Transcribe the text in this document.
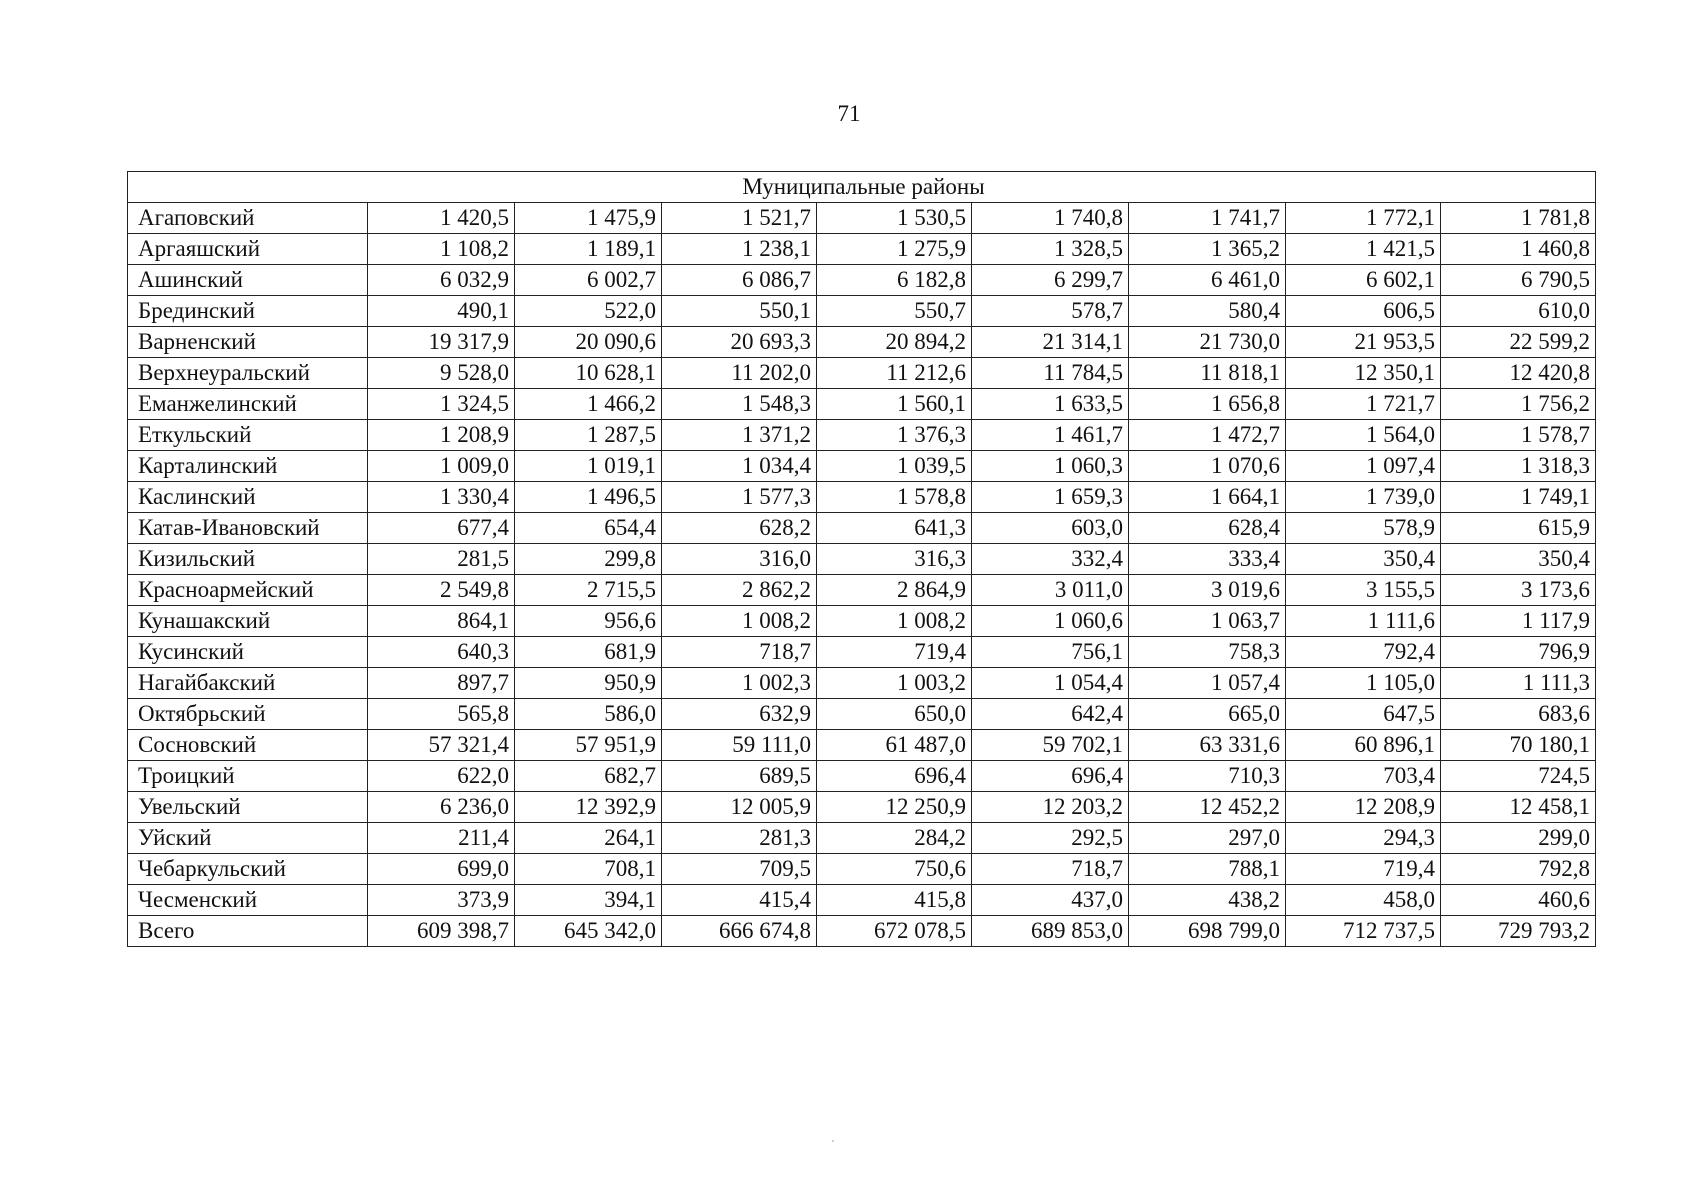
71
Муниципальные районы								
Агаповский	1 420,5	1 475,9	1 521,7	1 530,5	1 740,8	1 741,7	1 772,1	1 781,8
Аргаяшский	1 108,2	1 189,1	1 238,1	1 275,9	1 328,5	1 365,2	1 421,5	1 460,8
Ашинский	6 032,9	6 002,7	6 086,7	6 182,8	6 299,7	6 461,0	6 602,1	6 790,5
Брединский	490,1	522,0	550,1	550,7	578,7	580,4	606,5	610,0
Варненский	19 317,9	20 090,6	20 693,3	20 894,2	21 314,1	21 730,0	21 953,5	22 599,2
Верхнеуральский	9 528,0	10 628,1	11 202,0	11 212,6	11 784,5	11 818,1	12 350,1	12 420,8
Еманжелинский	1 324,5	1 466,2	1 548,3	1 560,1	1 633,5	1 656,8	1 721,7	1 756,2
Еткульский	1 208,9	1 287,5	1 371,2	1 376,3	1 461,7	1 472,7	1 564,0	1 578,7
Карталинский	1 009,0	1 019,1	1 034,4	1 039,5	1 060,3	1 070,6	1 097,4	1 318,3
Каслинский	1 330,4	1 496,5	1 577,3	1 578,8	1 659,3	1 664,1	1 739,0	1 749,1
Катав-Ивановский	677,4	654,4	628,2	641,3	603,0	628,4	578,9	615,9
Кизильский	281,5	299,8	316,0	316,3	332,4	333,4	350,4	350,4
Красноармейский	2 549,8	2 715,5	2 862,2	2 864,9	3 011,0	3 019,6	3 155,5	3 173,6
Кунашакский	864,1	956,6	1 008,2	1 008,2	1 060,6	1 063,7	1 111,6	1 117,9
Кусинский	640,3	681,9	718,7	719,4	756,1	758,3	792,4	796,9
Нагайбакский	897,7	950,9	1 002,3	1 003,2	1 054,4	1 057,4	1 105,0	1 111,3
Октябрьский	565,8	586,0	632,9	650,0	642,4	665,0	647,5	683,6
Сосновский	57 321,4	57 951,9	59 111,0	61 487,0	59 702,1	63 331,6	60 896,1	70 180,1
Троицкий	622,0	682,7	689,5	696,4	696,4	710,3	703,4	724,5
Увельский	6 236,0	12 392,9	12 005,9	12 250,9	12 203,2	12 452,2	12 208,9	12 458,1
Уйский	211,4	264,1	281,3	284,2	292,5	297,0	294,3	299,0
Чебаркульский	699,0	708,1	709,5	750,6	718,7	788,1	719,4	792,8
Чесменский	373,9	394,1	415,4	415,8	437,0	438,2	458,0	460,6
Всего	609 398,7	645 342,0	666 674,8	672 078,5	689 853,0	698 799,0	712 737,5	729 793,2
